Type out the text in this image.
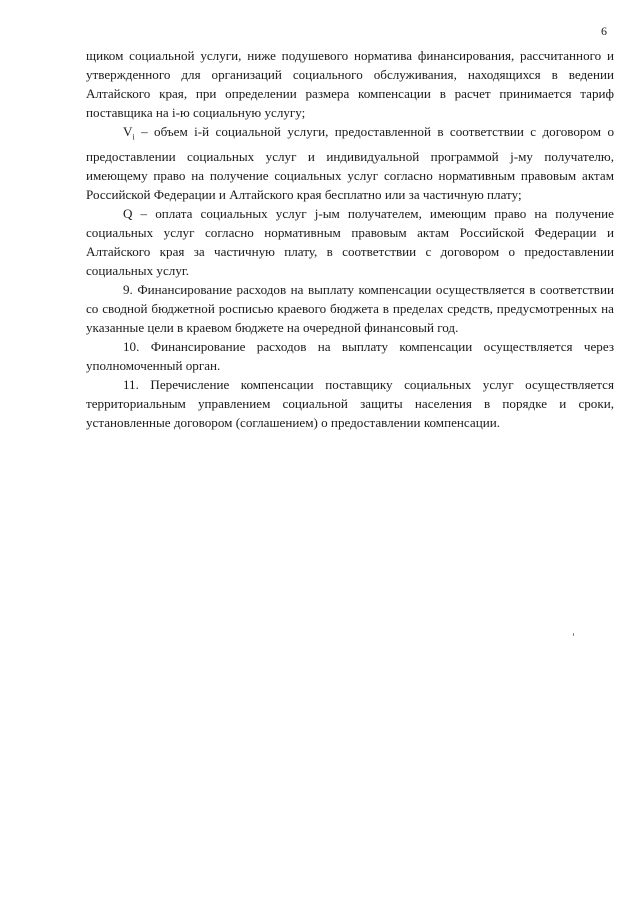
6

щиком социальной услуги, ниже подушевого норматива финансирования, рассчитанного и утвержденного для организаций социального обслуживания, находящихся в ведении Алтайского края, при определении размера компенсации в расчет принимается тариф поставщика на i-ю социальную услугу;

$V_i$ – объем i-й социальной услуги, предоставленной в соответствии с договором о предоставлении социальных услуг и индивидуальной программой j-му получателю, имеющему право на получение социальных услуг согласно нормативным правовым актам Российской Федерации и Алтайского края бесплатно или за частичную плату;

Q – оплата социальных услуг j-ым получателем, имеющим право на получение социальных услуг согласно нормативным правовым актам Российской Федерации и Алтайского края за частичную плату, в соответствии с договором о предоставлении социальных услуг.

9. Финансирование расходов на выплату компенсации осуществляется в соответствии со сводной бюджетной росписью краевого бюджета в пределах средств, предусмотренных на указанные цели в краевом бюджете на очередной финансовый год.

10. Финансирование расходов на выплату компенсации осуществляется через уполномоченный орган.

11. Перечисление компенсации поставщику социальных услуг осуществляется территориальным управлением социальной защиты населения в порядке и сроки, установленные договором (соглашением) о предоставлении компенсации.
